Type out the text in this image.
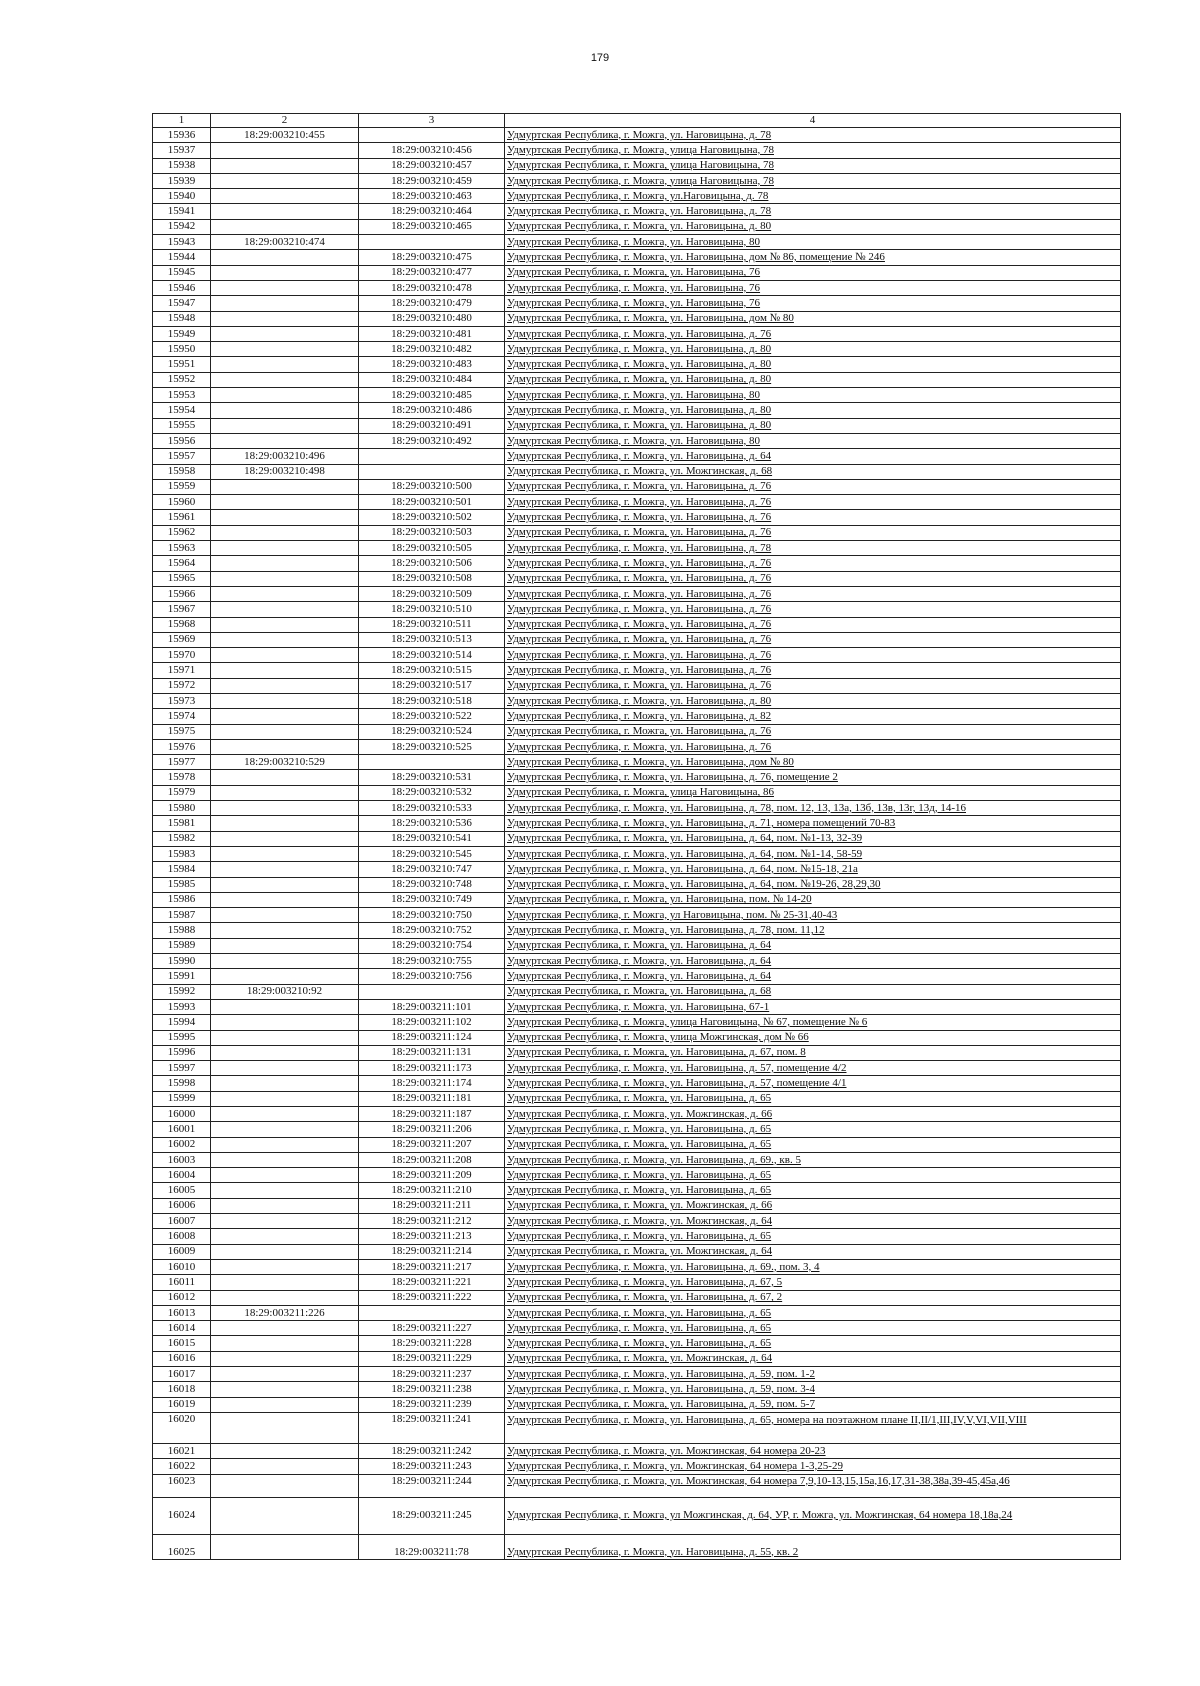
179
1	2	3	4
15936	18:29:003210:455		Удмуртская Республика, г. Можга, ул. Наговицына, д. 78
15937		18:29:003210:456	Удмуртская Республика, г. Можга, улица Наговицына, 78
15938		18:29:003210:457	Удмуртская Республика, г. Можга, улица Наговицына, 78
15939		18:29:003210:459	Удмуртская Республика, г. Можга, улица Наговицына, 78
15940		18:29:003210:463	Удмуртская Республика, г. Можга, ул.Наговицына, д. 78
15941		18:29:003210:464	Удмуртская Республика, г. Можга, ул. Наговицына, д. 78
15942		18:29:003210:465	Удмуртская Республика, г. Можга, ул. Наговицына, д. 80
15943	18:29:003210:474		Удмуртская Республика, г. Можга, ул. Наговицына, 80
15944		18:29:003210:475	Удмуртская Республика, г. Можга, ул. Наговицына, дом № 86, помещение № 246
15945		18:29:003210:477	Удмуртская Республика, г. Можга, ул. Наговицына, 76
15946		18:29:003210:478	Удмуртская Республика, г. Можга, ул. Наговицына, 76
15947		18:29:003210:479	Удмуртская Республика, г. Можга, ул. Наговицына, 76
15948		18:29:003210:480	Удмуртская Республика, г. Можга, ул. Наговицына, дом № 80
15949		18:29:003210:481	Удмуртская Республика, г. Можга, ул. Наговицына, д. 76
15950		18:29:003210:482	Удмуртская Республика, г. Можга, ул. Наговицына, д. 80
15951		18:29:003210:483	Удмуртская Республика, г. Можга, ул. Наговицына, д. 80
15952		18:29:003210:484	Удмуртская Республика, г. Можга, ул. Наговицына, д. 80
15953		18:29:003210:485	Удмуртская Республика, г. Можга, ул. Наговицына, 80
15954		18:29:003210:486	Удмуртская Республика, г. Можга, ул. Наговицына, д. 80
15955		18:29:003210:491	Удмуртская Республика, г. Можга, ул. Наговицына, д. 80
15956		18:29:003210:492	Удмуртская Республика, г. Можга, ул. Наговицына, 80
15957	18:29:003210:496		Удмуртская Республика, г. Можга, ул. Наговицына, д. 64
15958	18:29:003210:498		Удмуртская Республика, г. Можга, ул. Можгинская, д. 68
15959		18:29:003210:500	Удмуртская Республика, г. Можга, ул. Наговицына, д. 76
15960		18:29:003210:501	Удмуртская Республика, г. Можга, ул. Наговицына, д. 76
15961		18:29:003210:502	Удмуртская Республика, г. Можга, ул. Наговицына, д. 76
15962		18:29:003210:503	Удмуртская Республика, г. Можга, ул. Наговицына, д. 76
15963		18:29:003210:505	Удмуртская Республика, г. Можга, ул. Наговицына, д. 78
15964		18:29:003210:506	Удмуртская Республика, г. Можга, ул. Наговицына, д. 76
15965		18:29:003210:508	Удмуртская Республика, г. Можга, ул. Наговицына, д. 76
15966		18:29:003210:509	Удмуртская Республика, г. Можга, ул. Наговицына, д. 76
15967		18:29:003210:510	Удмуртская Республика, г. Можга, ул. Наговицына, д. 76
15968		18:29:003210:511	Удмуртская Республика, г. Можга, ул. Наговицына, д. 76
15969		18:29:003210:513	Удмуртская Республика, г. Можга, ул. Наговицына, д. 76
15970		18:29:003210:514	Удмуртская Республика, г. Можга, ул. Наговицына, д. 76
15971		18:29:003210:515	Удмуртская Республика, г. Можга, ул. Наговицына, д. 76
15972		18:29:003210:517	Удмуртская Республика, г. Можга, ул. Наговицына, д. 76
15973		18:29:003210:518	Удмуртская Республика, г. Можга, ул. Наговицына, д. 80
15974		18:29:003210:522	Удмуртская Республика, г. Можга, ул. Наговицына, д. 82
15975		18:29:003210:524	Удмуртская Республика, г. Можга, ул. Наговицына, д. 76
15976		18:29:003210:525	Удмуртская Республика, г. Можга, ул. Наговицына, д. 76
15977	18:29:003210:529		Удмуртская Республика, г. Можга, ул. Наговицына, дом № 80
15978		18:29:003210:531	Удмуртская Республика, г. Можга, ул. Наговицына, д. 76, помещение 2
15979		18:29:003210:532	Удмуртская Республика, г. Можга, улица Наговицына, 86
15980		18:29:003210:533	Удмуртская Республика, г. Можга, ул. Наговицына, д. 78, пом. 12, 13, 13а, 13б, 13в, 13г, 13д, 14-16
15981		18:29:003210:536	Удмуртская Республика, г. Можга, ул. Наговицына, д. 71, номера помещений 70-83
15982		18:29:003210:541	Удмуртская Республика, г. Можга, ул. Наговицына, д. 64, пом. №1-13, 32-39
15983		18:29:003210:545	Удмуртская Республика, г. Можга, ул. Наговицына, д. 64, пом. №1-14, 58-59
15984		18:29:003210:747	Удмуртская Республика, г. Можга, ул. Наговицына, д. 64, пом. №15-18, 21а
15985		18:29:003210:748	Удмуртская Республика, г. Можга, ул. Наговицына, д. 64, пом. №19-26, 28,29,30
15986		18:29:003210:749	Удмуртская Республика, г. Можга, ул. Наговицына, пом. № 14-20
15987		18:29:003210:750	Удмуртская Республика, г. Можга, ул Наговицына, пом. № 25-31,40-43
15988		18:29:003210:752	Удмуртская Республика, г. Можга, ул. Наговицына, д. 78, пом. 11,12
15989		18:29:003210:754	Удмуртская Республика, г. Можга, ул. Наговицына, д. 64
15990		18:29:003210:755	Удмуртская Республика, г. Можга, ул. Наговицына, д. 64
15991		18:29:003210:756	Удмуртская Республика, г. Можга, ул. Наговицына, д. 64
15992	18:29:003210:92		Удмуртская Республика, г. Можга, ул. Наговицына, д. 68
15993		18:29:003211:101	Удмуртская Республика, г. Можга, ул. Наговицына, 67-1
15994		18:29:003211:102	Удмуртская Республика, г. Можга, улица Наговицына, № 67, помещение № 6
15995		18:29:003211:124	Удмуртская Республика, г. Можга, улица Можгинская, дом № 66
15996		18:29:003211:131	Удмуртская Республика, г. Можга, ул. Наговицына, д. 67, пом. 8
15997		18:29:003211:173	Удмуртская Республика, г. Можга, ул. Наговицына, д. 57, помещение 4/2
15998		18:29:003211:174	Удмуртская Республика, г. Можга, ул. Наговицына, д. 57, помещение 4/1
15999		18:29:003211:181	Удмуртская Республика, г. Можга, ул. Наговицына, д. 65
16000		18:29:003211:187	Удмуртская Республика, г. Можга, ул. Можгинская, д. 66
16001		18:29:003211:206	Удмуртская Республика, г. Можга, ул. Наговицына, д. 65
16002		18:29:003211:207	Удмуртская Республика, г. Можга, ул. Наговицына, д. 65
16003		18:29:003211:208	Удмуртская Республика, г. Можга, ул. Наговицына, д. 69., кв. 5
16004		18:29:003211:209	Удмуртская Республика, г. Можга, ул. Наговицына, д. 65
16005		18:29:003211:210	Удмуртская Республика, г. Можга, ул. Наговицына, д. 65
16006		18:29:003211:211	Удмуртская Республика, г. Можга, ул. Можгинская, д. 66
16007		18:29:003211:212	Удмуртская Республика, г. Можга, ул. Можгинская, д. 64
16008		18:29:003211:213	Удмуртская Республика, г. Можга, ул. Наговицына, д. 65
16009		18:29:003211:214	Удмуртская Республика, г. Можга, ул. Можгинская, д. 64
16010		18:29:003211:217	Удмуртская Республика, г. Можга, ул. Наговицына, д. 69., пом. 3, 4
16011		18:29:003211:221	Удмуртская Республика, г. Можга, ул. Наговицына, д. 67, 5
16012		18:29:003211:222	Удмуртская Республика, г. Можга, ул. Наговицына, д. 67, 2
16013	18:29:003211:226		Удмуртская Республика, г. Можга, ул. Наговицына, д. 65
16014		18:29:003211:227	Удмуртская Республика, г. Можга, ул. Наговицына, д. 65
16015		18:29:003211:228	Удмуртская Республика, г. Можга, ул. Наговицына, д. 65
16016		18:29:003211:229	Удмуртская Республика, г. Можга, ул. Можгинская, д. 64
16017		18:29:003211:237	Удмуртская Республика, г. Можга, ул. Наговицына, д. 59, пом. 1-2
16018		18:29:003211:238	Удмуртская Республика, г. Можга, ул. Наговицына, д. 59, пом. 3-4
16019		18:29:003211:239	Удмуртская Республика, г. Можга, ул. Наговицына, д. 59, пом. 5-7
16020		18:29:003211:241	Удмуртская Республика, г. Можга, ул. Наговицына, д. 65, номера на поэтажном плане II,II/1,III,IV,V,VI,VII,VIII
16021		18:29:003211:242	Удмуртская Республика, г. Можга, ул. Можгинская, 64 номера 20-23
16022		18:29:003211:243	Удмуртская Республика, г. Можга, ул. Можгинская, 64 номера 1-3,25-29
16023		18:29:003211:244	Удмуртская Республика, г. Можга, ул. Можгинская, 64 номера 7,9,10-13,15,15а,16,17,31-38,38а,39-45,45а,46
16024		18:29:003211:245	Удмуртская Республика, г. Можга, ул Можгинская, д. 64, УР, г. Можга, ул. Можгинская, 64 номера 18,18а,24
16025		18:29:003211:78	Удмуртская Республика, г. Можга, ул. Наговицына, д. 55, кв. 2
